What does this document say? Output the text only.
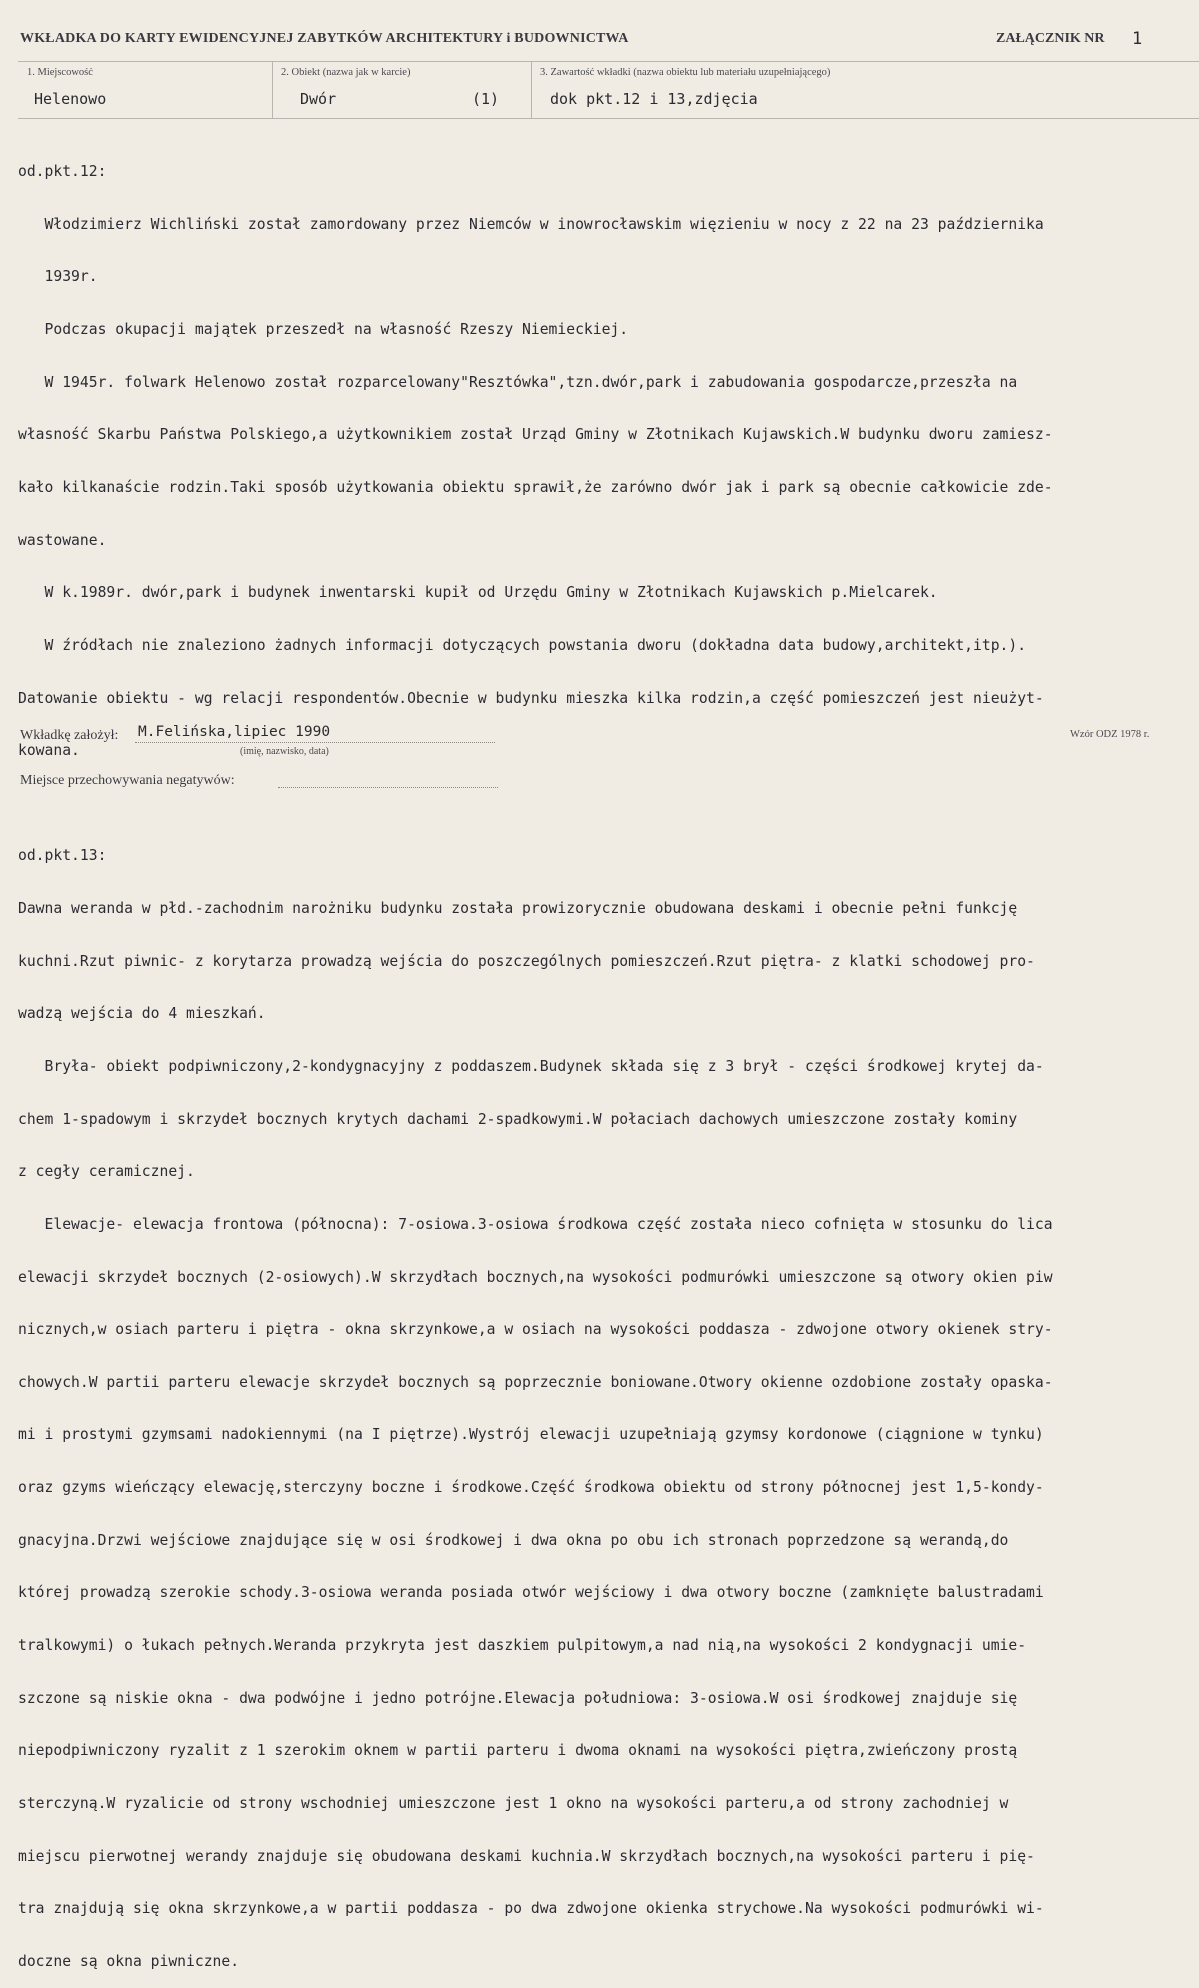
WKŁADKA DO KARTY EWIDENCYJNEJ ZABYTKÓW ARCHITEKTURY i BUDOWNICTWA	ZAŁĄCZNIK NR 1
1. Miejscowość
Helenowo
2. Obiekt (nazwa jak w karcie)
Dwór	(1)
3. Zawartość wkładki (nazwa obiektu lub materiału uzupełniającego)
dok pkt.12 i 13,zdjęcia

od.pkt.12:

Włodzimierz Wichliński został zamordowany przez Niemców w inowrocławskim więzieniu w nocy z 22 na 23 października

1939r.

Podczas okupacji majątek przeszedł na własność Rzeszy Niemieckiej.

W 1945r. folwark Helenowo został rozparcelowany"Resztówka",tzn.dwór,park i zabudowania gospodarcze,przeszła na

własność Skarbu Państwa Polskiego,a użytkownikiem został Urząd Gminy w Złotnikach Kujawskich.W budynku dworu zamiesz-

kało kilkanaście rodzin.Taki sposób użytkowania obiektu sprawił,że zarówno dwór jak i park są obecnie całkowicie zde-

wastowane.

W k.1989r. dwór,park i budynek inwentarski kupił od Urzędu Gminy w Złotnikach Kujawskich p.Mielcarek.

W źródłach nie znaleziono żadnych informacji dotyczących powstania dworu (dokładna data budowy,architekt,itp.).

Datowanie obiektu - wg relacji respondentów.Obecnie w budynku mieszka kilka rodzin,a część pomieszczeń jest nieużyt-

kowana.

od.pkt.13:

Dawna weranda w płd.-zachodnim narożniku budynku została prowizorycznie obudowana deskami i obecnie pełni funkcję

kuchni.Rzut piwnic- z korytarza prowadzą wejścia do poszczególnych pomieszczeń.Rzut piętra- z klatki schodowej pro-

wadzą wejścia do 4 mieszkań.

Bryła- obiekt podpiwniczony,2-kondygnacyjny z poddaszem.Budynek składa się z 3 brył - części środkowej krytej da-

chem 1-spadowym i skrzydeł bocznych krytych dachami 2-spadkowymi.W połaciach dachowych umieszczone zostały kominy

z cegły ceramicznej.

Elewacje- elewacja frontowa (północna): 7-osiowa.3-osiowa środkowa część została nieco cofnięta w stosunku do lica

elewacji skrzydeł bocznych (2-osiowych).W skrzydłach bocznych,na wysokości podmurówki umieszczone są otwory okien piw

nicznych,w osiach parteru i piętra - okna skrzynkowe,a w osiach na wysokości poddasza - zdwojone otwory okienek stry-

chowych.W partii parteru elewacje skrzydeł bocznych są poprzecznie boniowane.Otwory okienne ozdobione zostały opaska-

mi i prostymi gzymsami nadokiennymi (na I piętrze).Wystrój elewacji uzupełniają gzymsy kordonowe (ciągnione w tynku)

oraz gzyms wieńczący elewację,sterczyny boczne i środkowe.Część środkowa obiektu od strony północnej jest 1,5-kondy-

gnacyjna.Drzwi wejściowe znajdujące się w osi środkowej i dwa okna po obu ich stronach poprzedzone są werandą,do

której prowadzą szerokie schody.3-osiowa weranda posiada otwór wejściowy i dwa otwory boczne (zamknięte balustradami

tralkowymi) o łukach pełnych.Weranda przykryta jest daszkiem pulpitowym,a nad nią,na wysokości 2 kondygnacji umie-

szczone są niskie okna - dwa podwójne i jedno potrójne.Elewacja południowa: 3-osiowa.W osi środkowej znajduje się

niepodpiwniczony ryzalit z 1 szerokim oknem w partii parteru i dwoma oknami na wysokości piętra,zwieńczony prostą

sterczyną.W ryzalicie od strony wschodniej umieszczone jest 1 okno na wysokości parteru,a od strony zachodniej w

miejscu pierwotnej werandy znajduje się obudowana deskami kuchnia.W skrzydłach bocznych,na wysokości parteru i pię-

tra znajdują się okna skrzynkowe,a w partii poddasza - po dwa zdwojone okienka strychowe.Na wysokości podmurówki wi-

doczne są okna piwniczne.

Wkładkę założył: M.Felińska,lipiec 1990
(imię, nazwisko, data)
Wzór ODZ 1978 r.
Miejsce przechowywania negatywów:
